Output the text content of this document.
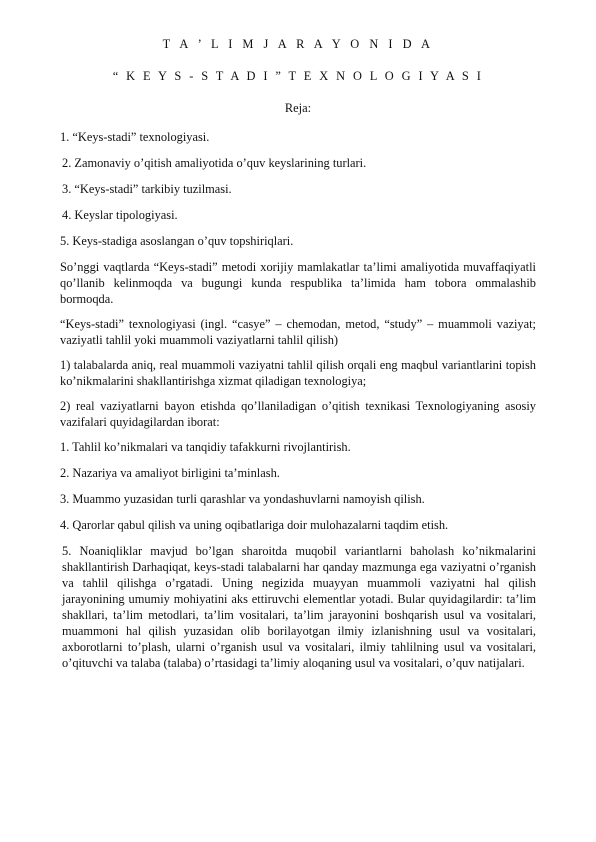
T A ’ L I M J A R A Y O N I D A
“ K E Y S - S T A D I ” T E X N O L O G I Y A S I
Reja:
1. “Keys-stadi” texnologiyasi.
2. Zamonaviy o’qitish amaliyotida o’quv keyslarining turlari.
3. “Keys-stadi” tarkibiy tuzilmasi.
4. Keyslar tipologiyasi.
5. Keys-stadiga asoslangan o’quv topshiriqlari.
So’nggi vaqtlarda “Keys-stadi” metodi xorijiy mamlakatlar ta’limi amaliyotida muvaffaqiyatli qo’llanib kelinmoqda va bugungi kunda respublika ta’limida ham tobora ommalashib bormoqda.
“Keys-stadi” texnologiyasi (ingl. “casye” – chemodan, metod, “study” – muammoli vaziyat; vaziyatli tahlil yoki muammoli vaziyatlarni tahlil qilish)
1) talabalarda aniq, real muammoli vaziyatni tahlil qilish orqali eng maqbul variantlarini topish ko’nikmalarini shakllantirishga xizmat qiladigan texnologiya;
2) real vaziyatlarni bayon etishda qo’llaniladigan o’qitish texnikasi Texnologiyaning asosiy vazifalari quyidagilardan iborat:
1. Tahlil ko’nikmalari va tanqidiy tafakkurni rivojlantirish.
2. Nazariya va amaliyot birligini ta’minlash.
3. Muammo yuzasidan turli qarashlar va yondashuvlarni namoyish qilish.
4. Qarorlar qabul qilish va uning oqibatlariga doir mulohazalarni taqdim etish.
5. Noaniqliklar mavjud bo’lgan sharoitda muqobil variantlarni baholash ko’nikmalarini shakllantirish Darhaqiqat, keys-stadi talabalarni har qanday mazmunga ega vaziyatni o’rganish va tahlil qilishga o’rgatadi. Uning negizida muayyan muammoli vaziyatni hal qilish jarayonining umumiy mohiyatini aks ettiruvchi elementlar yotadi. Bular quyidagilardir: ta’lim shakllari, ta’lim metodlari, ta’lim vositalari, ta’lim jarayonini boshqarish usul va vositalari, muammoni hal qilish yuzasidan olib borilayotgan ilmiy izlanishning usul va vositalari, axborotlarni to’plash, ularni o’rganish usul va vositalari, ilmiy tahlilning usul va vositalari, o’qituvchi va talaba (talaba) o’rtasidagi ta’limiy aloqaning usul va vositalari, o’quv natijalari.
